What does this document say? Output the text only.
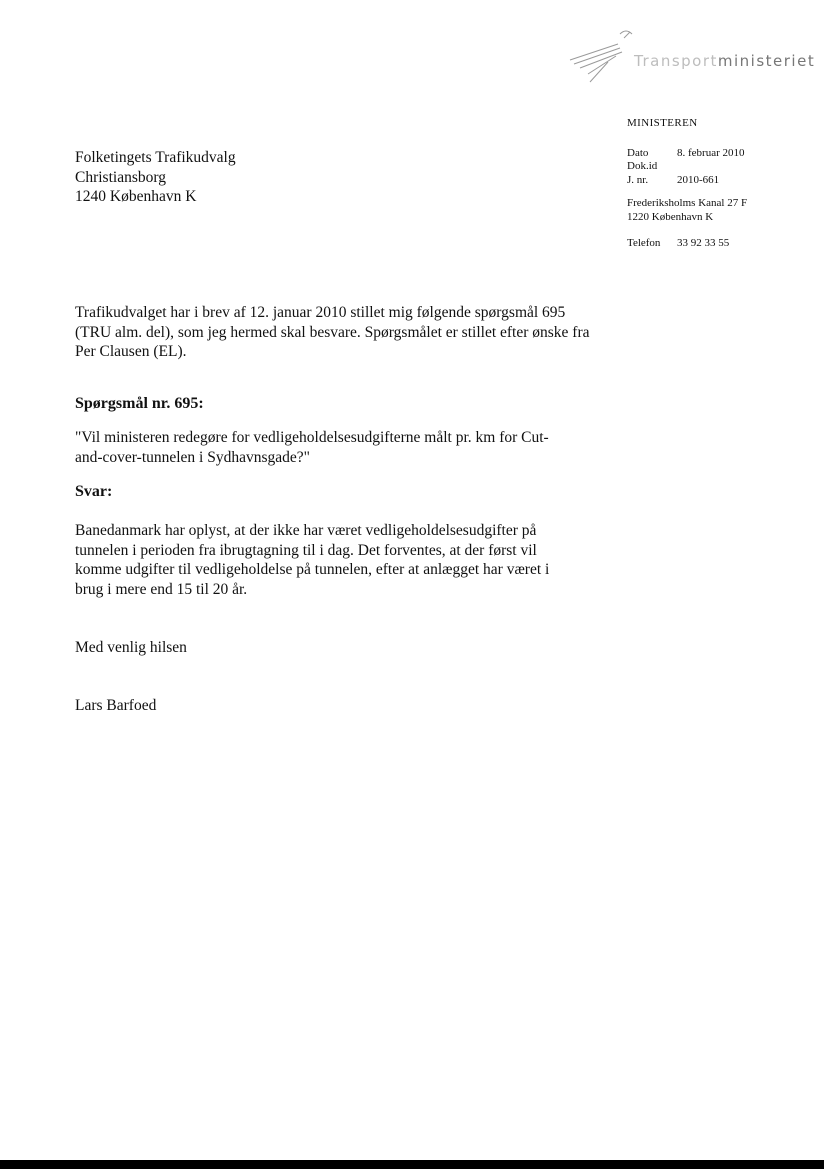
Transportministeriet
MINISTEREN
Dato	8. februar 2010
Dok.id
J. nr.	2010-661
Frederiksholms Kanal 27 F
1220 København K
Telefon 33 92 33 55
Folketingets Trafikudvalg
Christiansborg
1240 København K
Trafikudvalget har i brev af 12. januar 2010 stillet mig følgende spørgsmål 695 (TRU alm. del), som jeg hermed skal besvare. Spørgsmålet er stillet efter ønske fra Per Clausen (EL).
Spørgsmål nr. 695:
"Vil ministeren redegøre for vedligeholdelsesudgifterne målt pr. km for Cut-and-cover-tunnelen i Sydhavnsgade?"
Svar:
Banedanmark har oplyst, at der ikke har været vedligeholdelsesudgifter på tunnelen i perioden fra ibrugtagning til i dag. Det forventes, at der først vil komme udgifter til vedligeholdelse på tunnelen, efter at anlægget har været i brug i mere end 15 til 20 år.
Med venlig hilsen
Lars Barfoed
